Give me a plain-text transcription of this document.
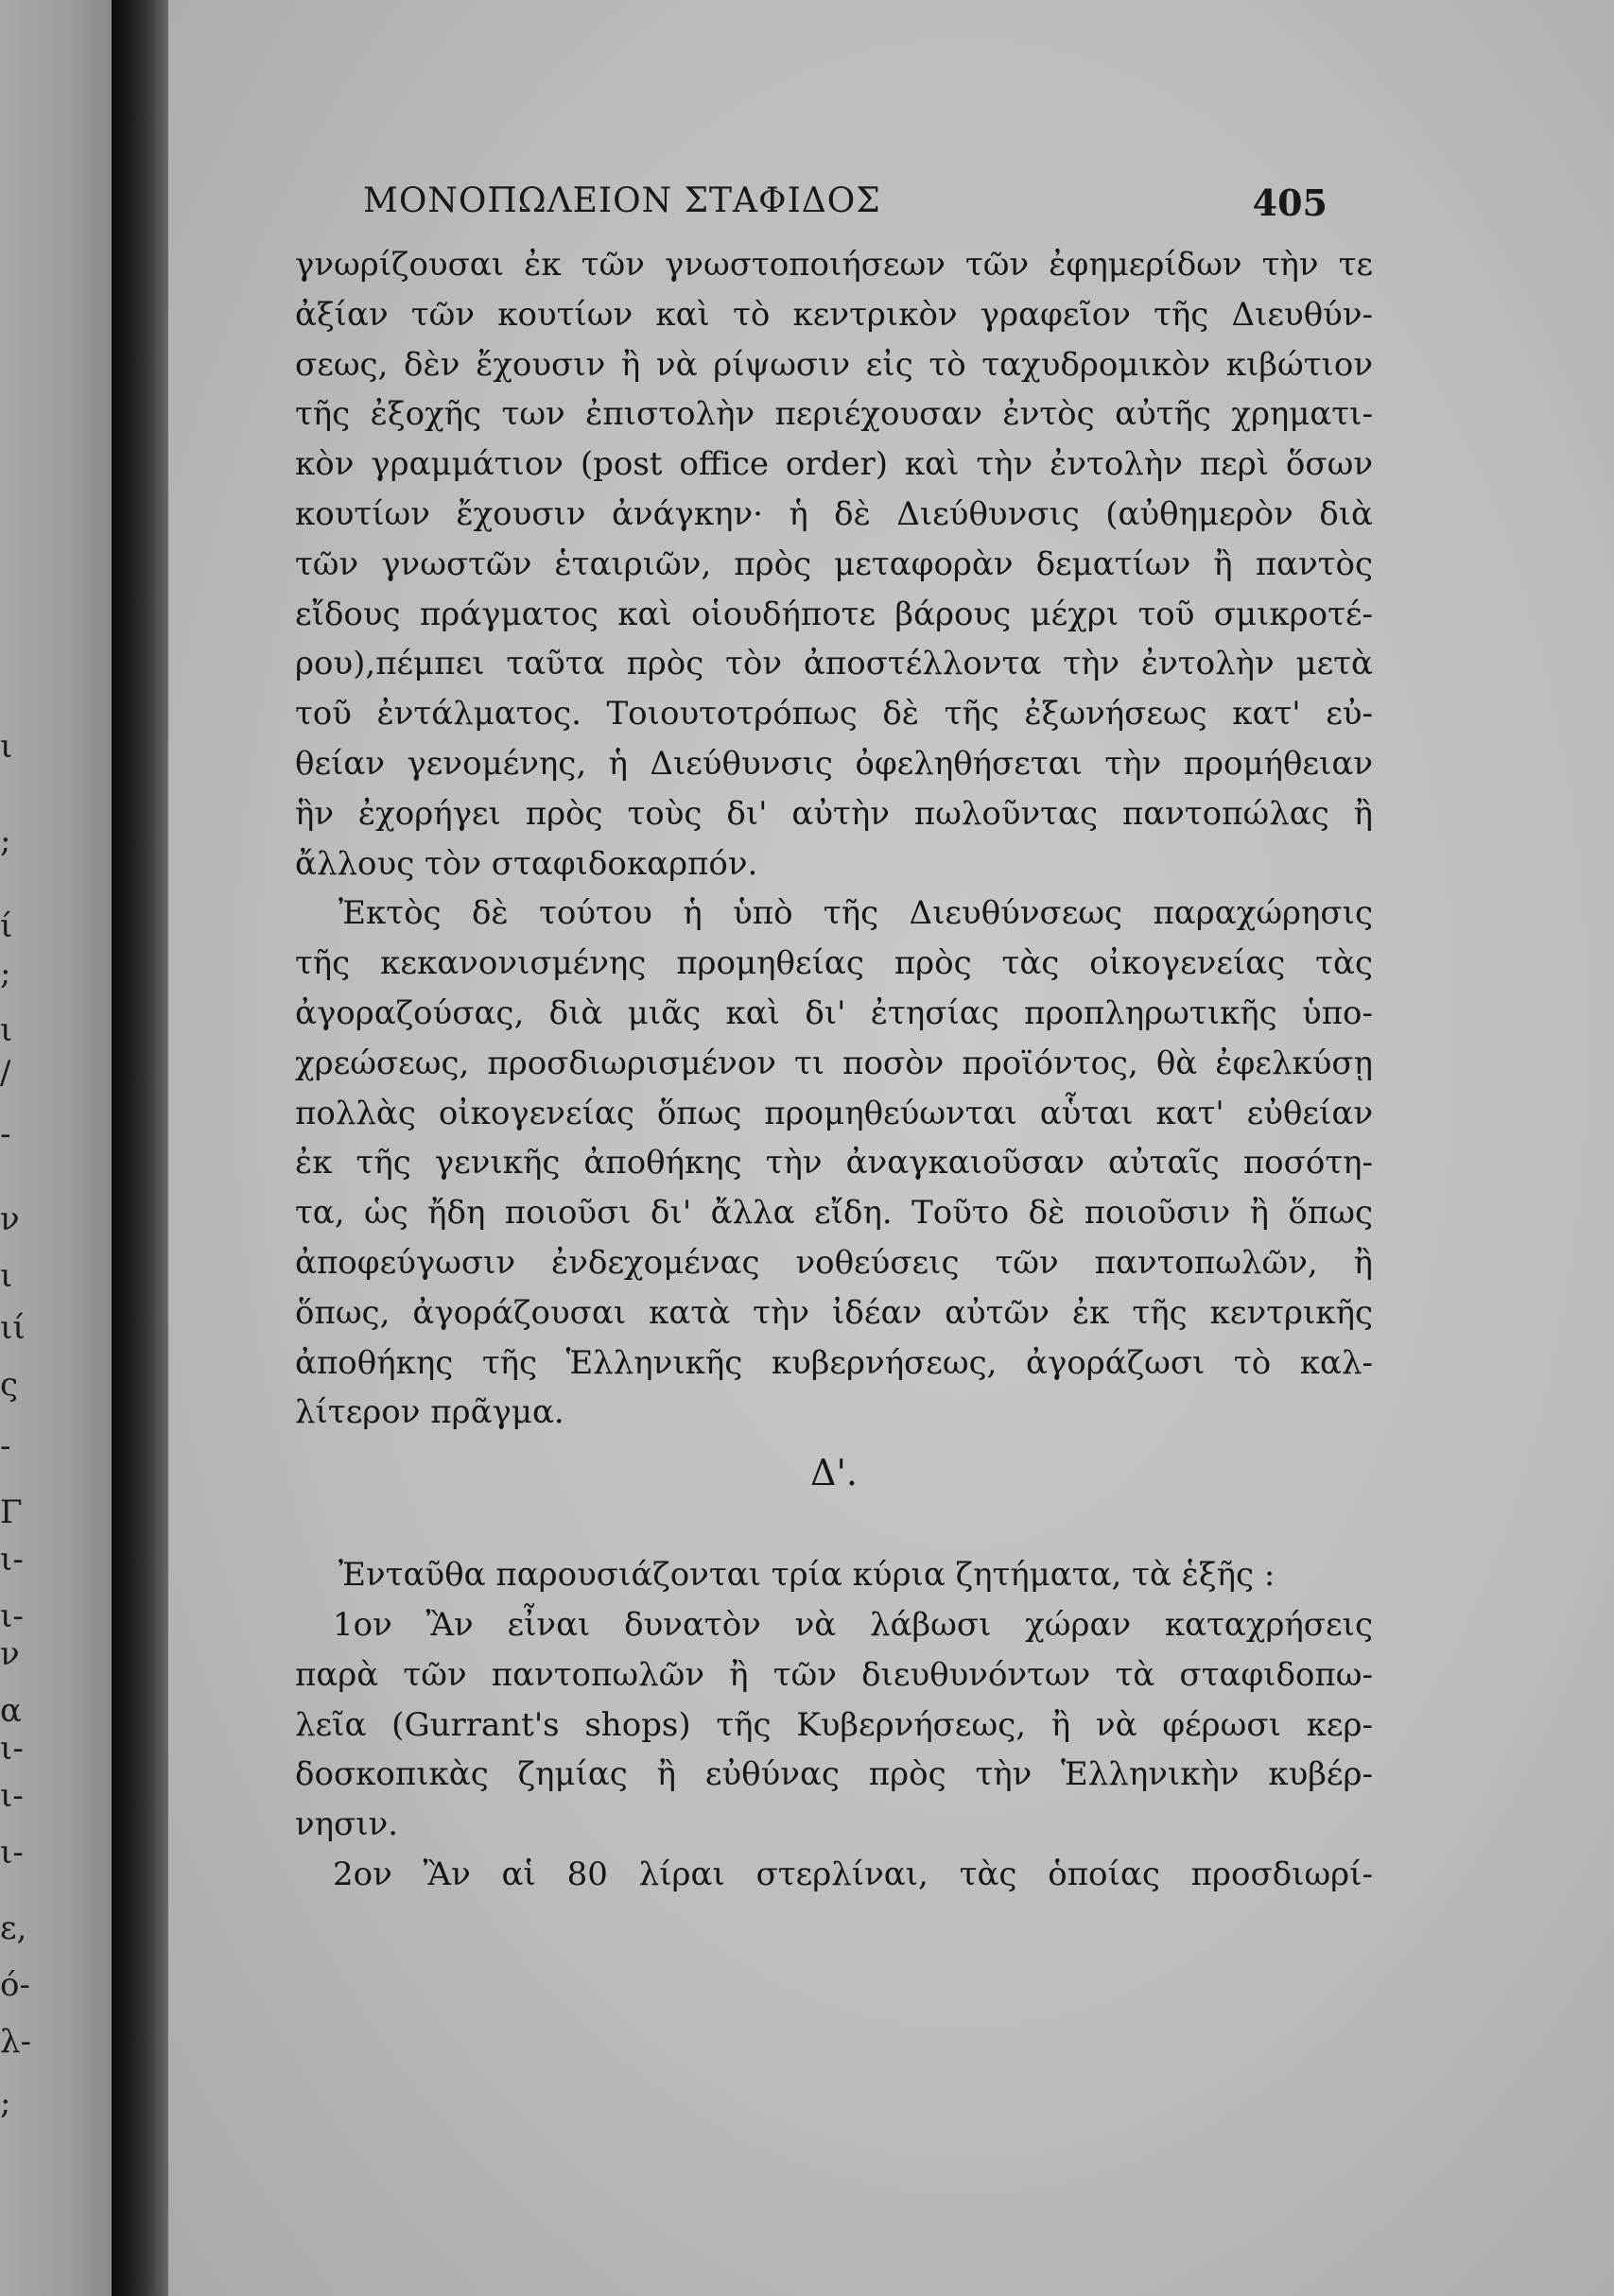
ι
;
ί
;
ι
/
-
ν
ι
ιί
ς
-
Γ
ι-
ι-
ν
α
ι-
ι-
ι-
ε,
ό-
λ-
;
ΜΟΝΟΠΩΛΕΙΟΝ ΣΤΑΦΙΔΟΣ	405
γνωρίζουσαι ἐκ τῶν γνωστοποιήσεων τῶν ἐφημερίδων τὴν τε
ἀξίαν τῶν κουτίων καὶ τὸ κεντρικὸν γραφεῖον τῆς Διευθύν-
σεως, δὲν ἔχουσιν ἢ νὰ ρίψωσιν εἰς τὸ ταχυδρομικὸν κιβώτιον
τῆς ἐξοχῆς των ἐπιστολὴν περιέχουσαν ἐντὸς αὐτῆς χρηματι-
κὸν γραμμάτιον (post office order) καὶ τὴν ἐντολὴν περὶ ὅσων
κουτίων ἔχουσιν ἀνάγκην· ἡ δὲ Διεύθυνσις (αὐθημερὸν διὰ
τῶν γνωστῶν ἑταιριῶν, πρὸς μεταφορὰν δεματίων ἢ παντὸς
εἴδους πράγματος καὶ οἱουδήποτε βάρους μέχρι τοῦ σμικροτέ-
ρου),πέμπει ταῦτα πρὸς τὸν ἀποστέλλοντα τὴν ἐντολὴν μετὰ
τοῦ ἐντάλματος. Τοιουτοτρόπως δὲ τῆς ἐξωνήσεως κατ' εὐ-
θείαν γενομένης, ἡ Διεύθυνσις ὀφεληθήσεται τὴν προμήθειαν
ἣν ἐχορήγει πρὸς τοὺς δι' αὐτὴν πωλοῦντας παντοπώλας ἢ
ἄλλους τὸν σταφιδοκαρπόν.
Ἐκτὸς δὲ τούτου ἡ ὑπὸ τῆς Διευθύνσεως παραχώρησις
τῆς κεκανονισμένης προμηθείας πρὸς τὰς οἰκογενείας τὰς
ἀγοραζούσας, διὰ μιᾶς καὶ δι' ἐτησίας προπληρωτικῆς ὑπο-
χρεώσεως, προσδιωρισμένον τι ποσὸν προϊόντος, θὰ ἐφελκύσῃ
πολλὰς οἰκογενείας ὅπως προμηθεύωνται αὗται κατ' εὐθείαν
ἐκ τῆς γενικῆς ἀποθήκης τὴν ἀναγκαιοῦσαν αὐταῖς ποσότη-
τα, ὡς ἤδη ποιοῦσι δι' ἄλλα εἴδη. Τοῦτο δὲ ποιοῦσιν ἢ ὅπως
ἀποφεύγωσιν ἐνδεχομένας νοθεύσεις τῶν παντοπωλῶν, ἢ
ὅπως, ἀγοράζουσαι κατὰ τὴν ἰδέαν αὐτῶν ἐκ τῆς κεντρικῆς
ἀποθήκης τῆς Ἑλληνικῆς κυβερνήσεως, ἀγοράζωσι τὸ καλ-
λίτερον πρᾶγμα.
Δ'.
Ἐνταῦθα παρουσιάζονται τρία κύρια ζητήματα, τὰ ἑξῆς :
1ον Ἂν εἶναι δυνατὸν νὰ λάβωσι χώραν καταχρήσεις
παρὰ τῶν παντοπωλῶν ἢ τῶν διευθυνόντων τὰ σταφιδοπω-
λεῖα (Gurrant's shops) τῆς Κυβερνήσεως, ἢ νὰ φέρωσι κερ-
δοσκοπικὰς ζημίας ἢ εὐθύνας πρὸς τὴν Ἑλληνικὴν κυβέρ-
νησιν.
2ον Ἂν αἱ 80 λίραι στερλίναι, τὰς ὁποίας προσδιωρί-
